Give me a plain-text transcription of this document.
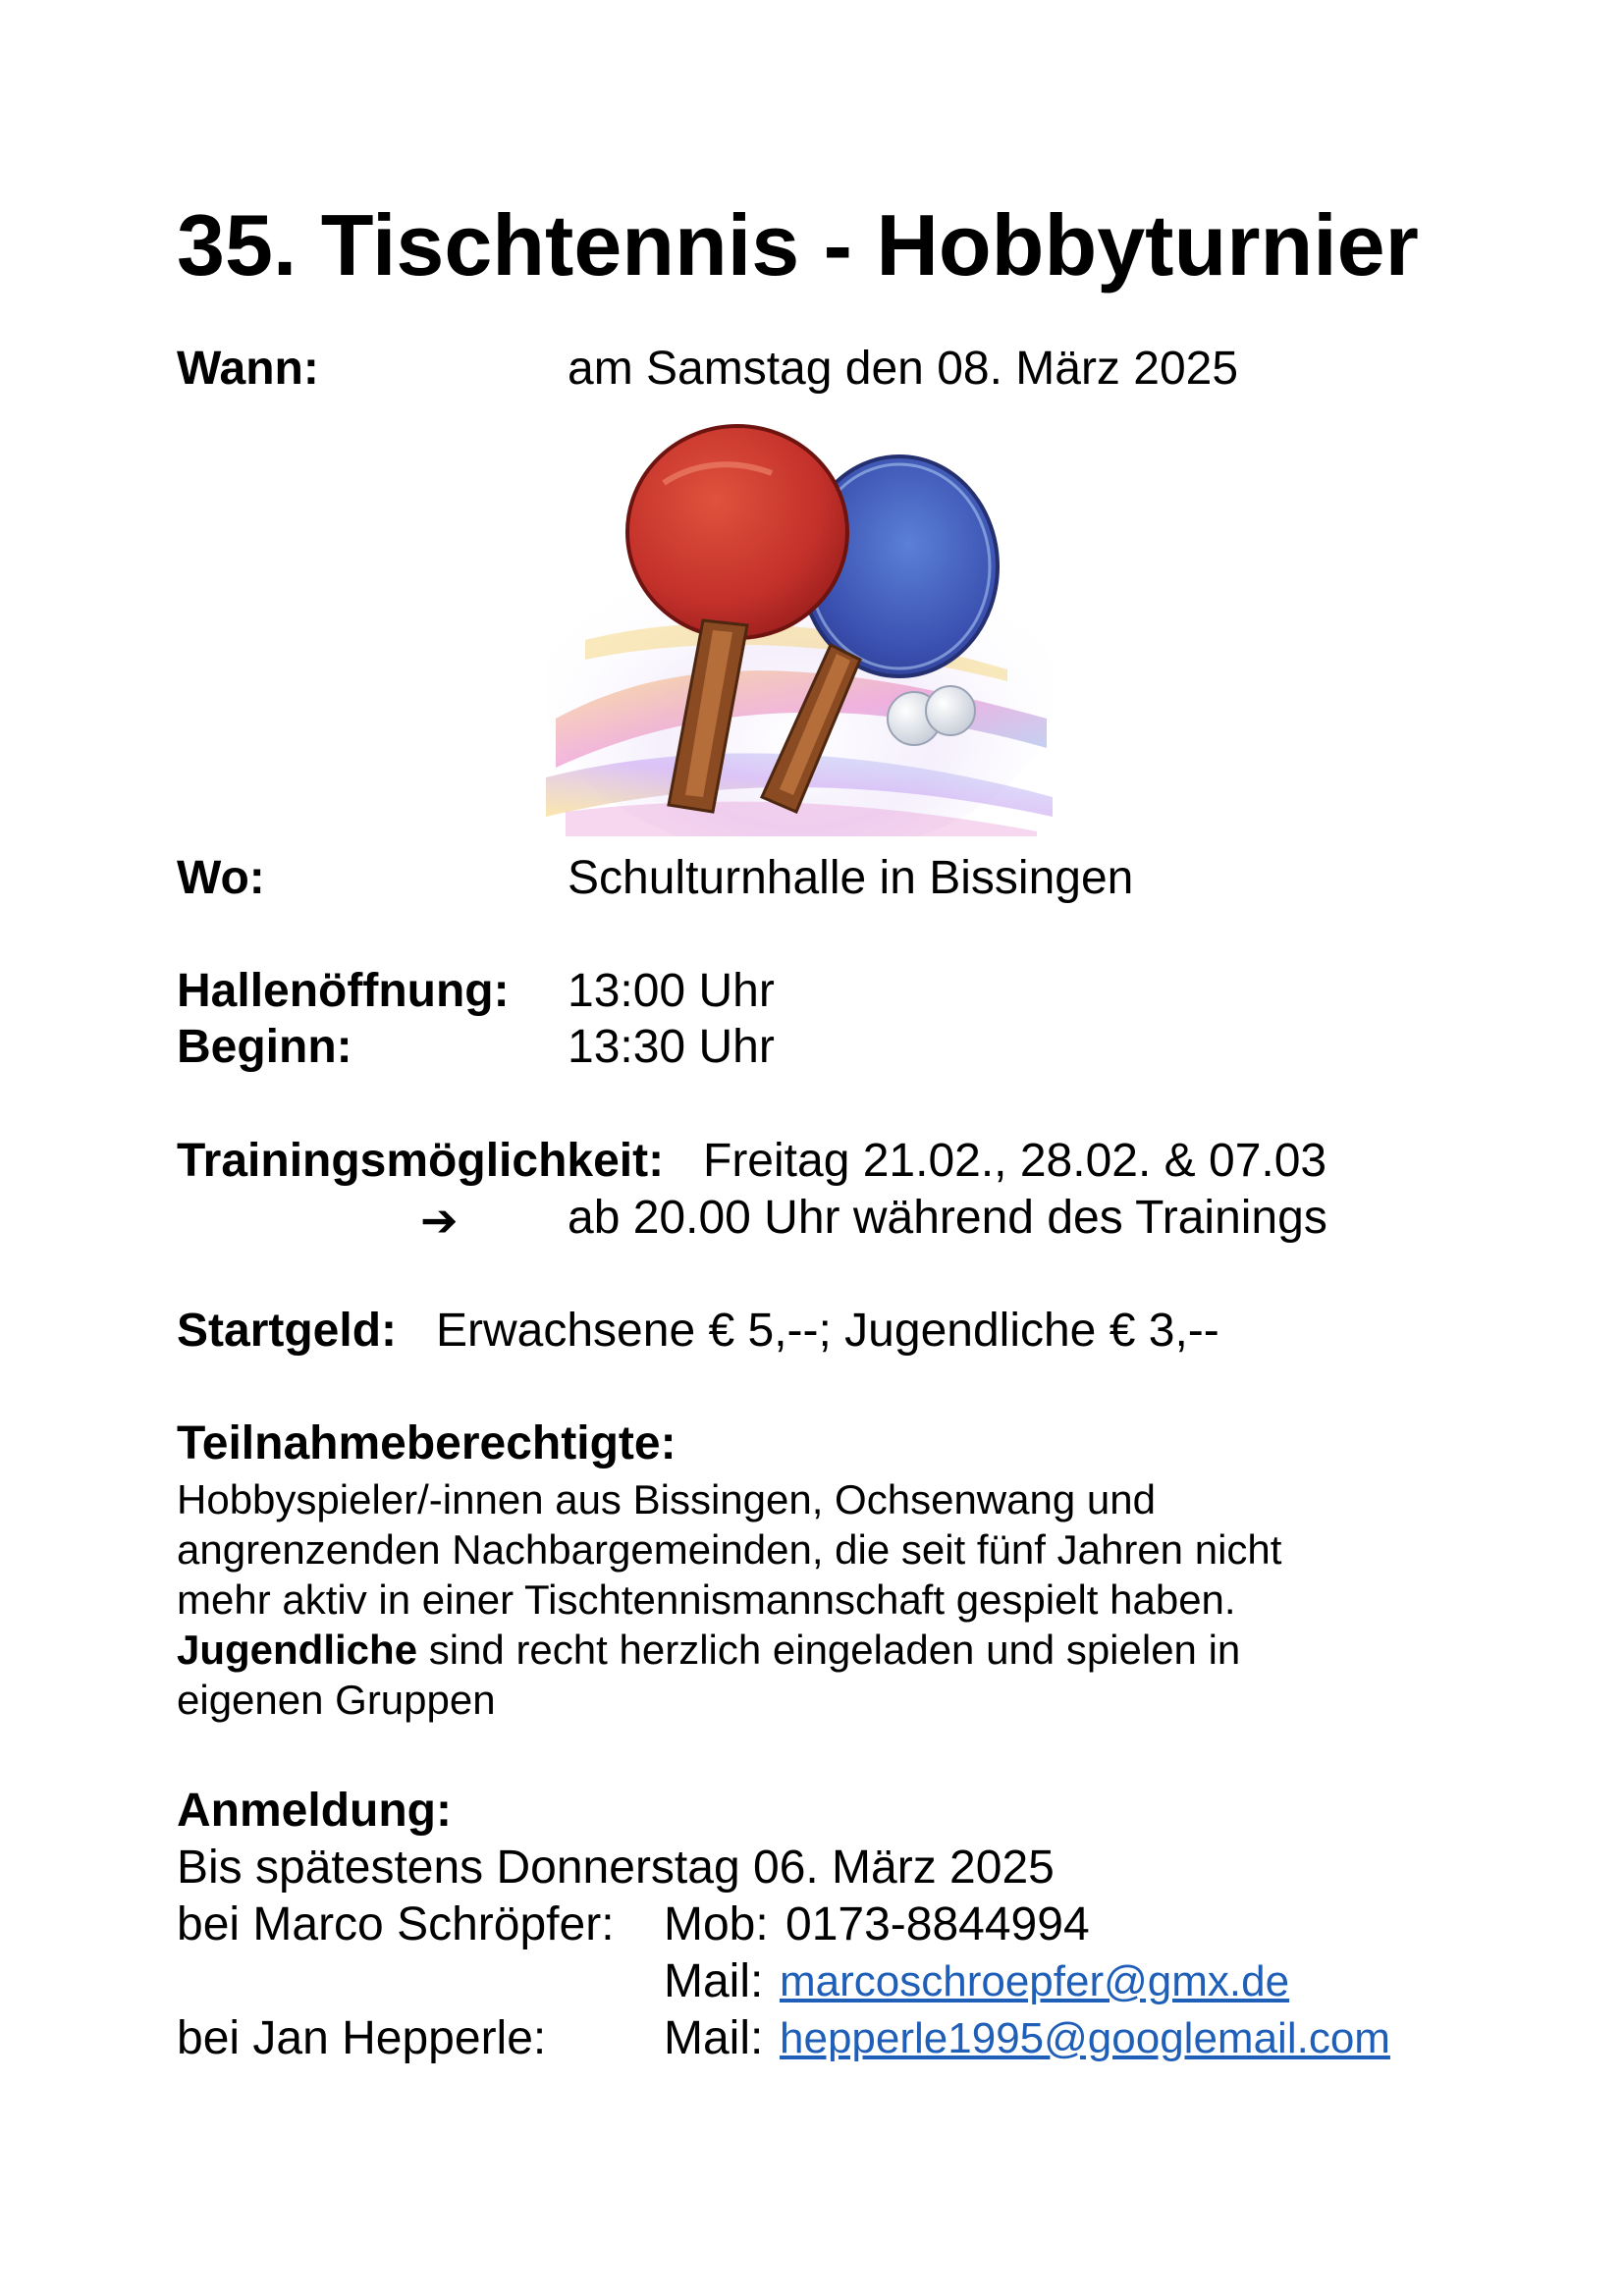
35. Tischtennis - Hobbyturnier
Wann:	am Samstag den 08. März 2025
Wo:	Schulturnhalle in Bissingen
Hallenöffnung: 13:00 Uhr
Beginn:	13:30 Uhr
Trainingsmöglichkeit: Freitag 21.02., 28.02. & 07.03
➔ ab 20.00 Uhr während des Trainings
Startgeld: Erwachsene € 5,--; Jugendliche € 3,--
Teilnahmeberechtigte:
Hobbyspieler/-innen aus Bissingen, Ochsenwang und
angrenzenden Nachbargemeinden, die seit fünf Jahren nicht
mehr aktiv in einer Tischtennismannschaft gespielt haben.
Jugendliche sind recht herzlich eingeladen und spielen in
eigenen Gruppen
Anmeldung:
Bis spätestens Donnerstag 06. März 2025
bei Marco Schröpfer: Mob: 0173-8844994
Mail: marcoschroepfer@gmx.de
bei Jan Hepperle: Mail: hepperle1995@googlemail.com
